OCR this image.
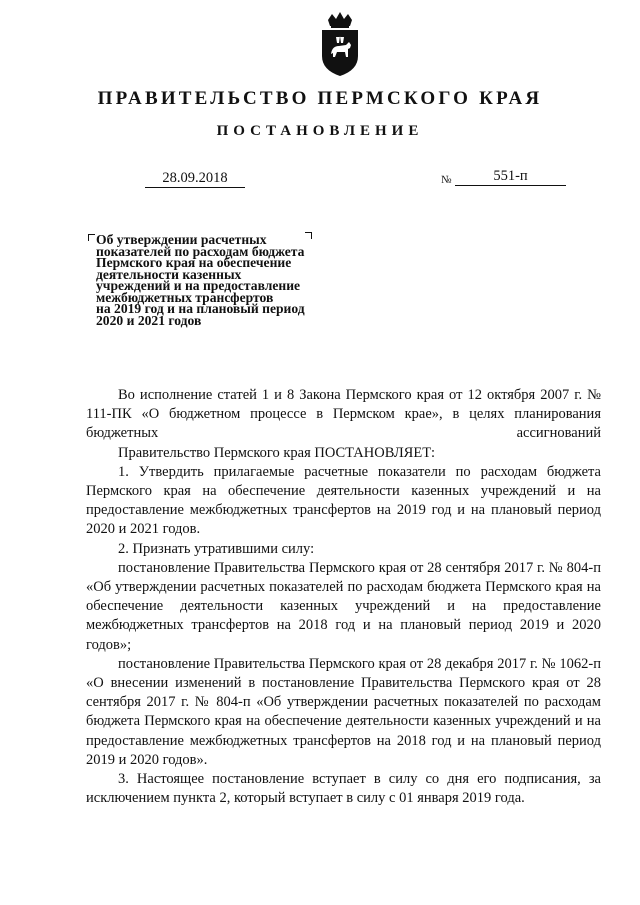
ПРАВИТЕЛЬСТВО ПЕРМСКОГО КРАЯ
ПОСТАНОВЛЕНИЕ
28.09.2018	№	551-п
Об утверждении расчетных
показателей по расходам бюджета
Пермского края на обеспечение
деятельности казенных
учреждений и на предоставление
межбюджетных трансфертов
на 2019 год и на плановый период
2020 и 2021 годов

Во исполнение статей 1 и 8 Закона Пермского края от 12 октября 2007 г. № 111-ПК «О бюджетном процессе в Пермском крае», в целях планирования бюджетных ассигнований

Правительство Пермского края ПОСТАНОВЛЯЕТ:

1. Утвердить прилагаемые расчетные показатели по расходам бюджета Пермского края на обеспечение деятельности казенных учреждений и на предоставление межбюджетных трансфертов на 2019 год и на плановый период 2020 и 2021 годов.

2. Признать утратившими силу:

постановление Правительства Пермского края от 28 сентября 2017 г. № 804-п «Об утверждении расчетных показателей по расходам бюджета Пермского края на обеспечение деятельности казенных учреждений и на предоставление межбюджетных трансфертов на 2018 год и на плановый период 2019 и 2020 годов»;

постановление Правительства Пермского края от 28 декабря 2017 г. № 1062-п «О внесении изменений в постановление Правительства Пермского края от 28 сентября 2017 г. № 804-п «Об утверждении расчетных показателей по расходам бюджета Пермского края на обеспечение деятельности казенных учреждений и на предоставление межбюджетных трансфертов на 2018 год и на плановый период 2019 и 2020 годов».

3. Настоящее постановление вступает в силу со дня его подписания, за исключением пункта 2, который вступает в силу с 01 января 2019 года.
